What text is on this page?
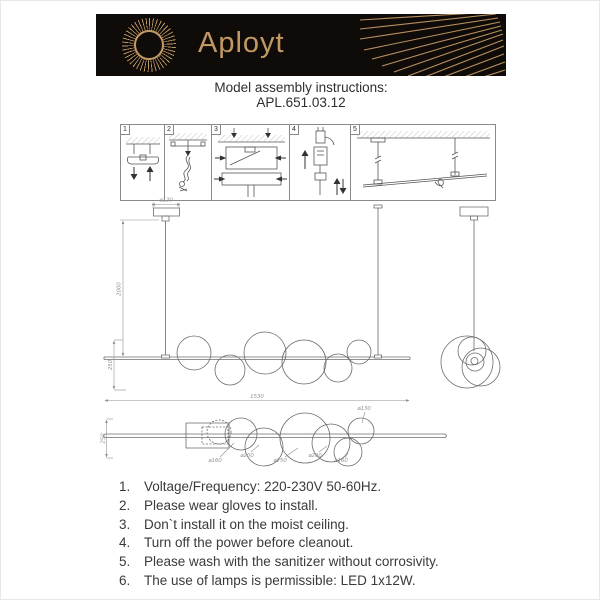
Aployt
Model assembly instructions:
APL.651.03.12
1	2	3	4	5
⌀120
2000
250
1530
250
⌀160
⌀200
⌀250
⌀200
⌀160
⌀130
1.	Voltage/Frequency: 220-230V 50-60Hz.
2.	Please wear gloves to install.
3.	Don`t install it on the moist ceiling.
4.	Turn off the power before cleanout.
5.	Please wash with the sanitizer without corrosivity.
6.	The use of lamps is permissible: LED 1x12W.
